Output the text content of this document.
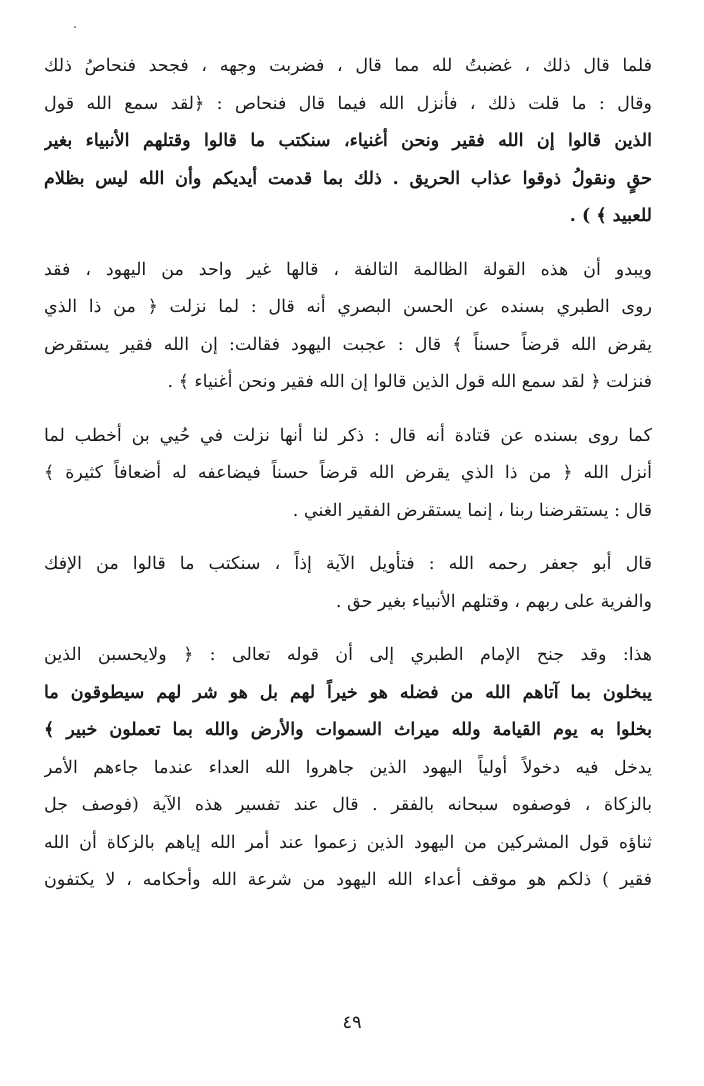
فلما قال ذلك ، غضبتُ لله مما قال ، فضربت وجهه ، فجحد فنحاصُ ذلك
وقال : ما قلت ذلك ، فأنزل الله فيما قال فنحاص : ﴿لقد سمع الله قول
الذين قالوا إن الله فقير ونحن أغنياء، سنكتب ما قالوا وقتلهم الأنبياء بغير
حقٍ ونقولُ ذوقوا عذاب الحريق . ذلك بما قدمت أيديكم وأن الله ليس بظلام
للعبيد ﴾ ) .
ويبدو أن هذه القولة الظالمة التالفة ، قالها غير واحد من اليهود ، فقد
روى الطبري بسنده عن الحسن البصري أنه قال : لما نزلت ﴿ من ذا الذي
يقرض الله قرضاً حسناً ﴾ قال : عجبت اليهود فقالت: إن الله فقير يستقرض
فنزلت ﴿ لقد سمع الله قول الذين قالوا إن الله فقير ونحن أغنياء ﴾ .
كما روى بسنده عن قتادة أنه قال : ذكر لنا أنها نزلت في حُيي بن أخطب لما
أنزل الله ﴿ من ذا الذي يقرض الله قرضاً حسناً فيضاعفه له أضعافاً كثيرة ﴾
قال : يستقرضنا ربنا ، إنما يستقرض الفقير الغني .
قال أبو جعفر رحمه الله : فتأويل الآية إذاً ، سنكتب ما قالوا من الإفك
والفرية على ربهم ، وقتلهم الأنبياء بغير حق .
هذا: وقد جنح الإمام الطبري إلى أن قوله تعالى : ﴿ ولايحسبن الذين
يبخلون بما آتاهم الله من فضله هو خيراً لهم بل هو شر لهم سيطوقون ما
بخلوا به يوم القيامة ولله ميراث السموات والأرض والله بما تعملون خبير ﴾
يدخل فيه دخولاً أولياً اليهود الذين جاهروا الله العداء عندما جاءهم الأمر
بالزكاة ، فوصفوه سبحانه بالفقر . قال عند تفسير هذه الآية (فوصف جل
ثناؤه قول المشركين من اليهود الذين زعموا عند أمر الله إياهم بالزكاة أن الله
فقير ) ذلكم هو موقف أعداء الله اليهود من شرعة الله وأحكامه ، لا يكتفون
٤٩
